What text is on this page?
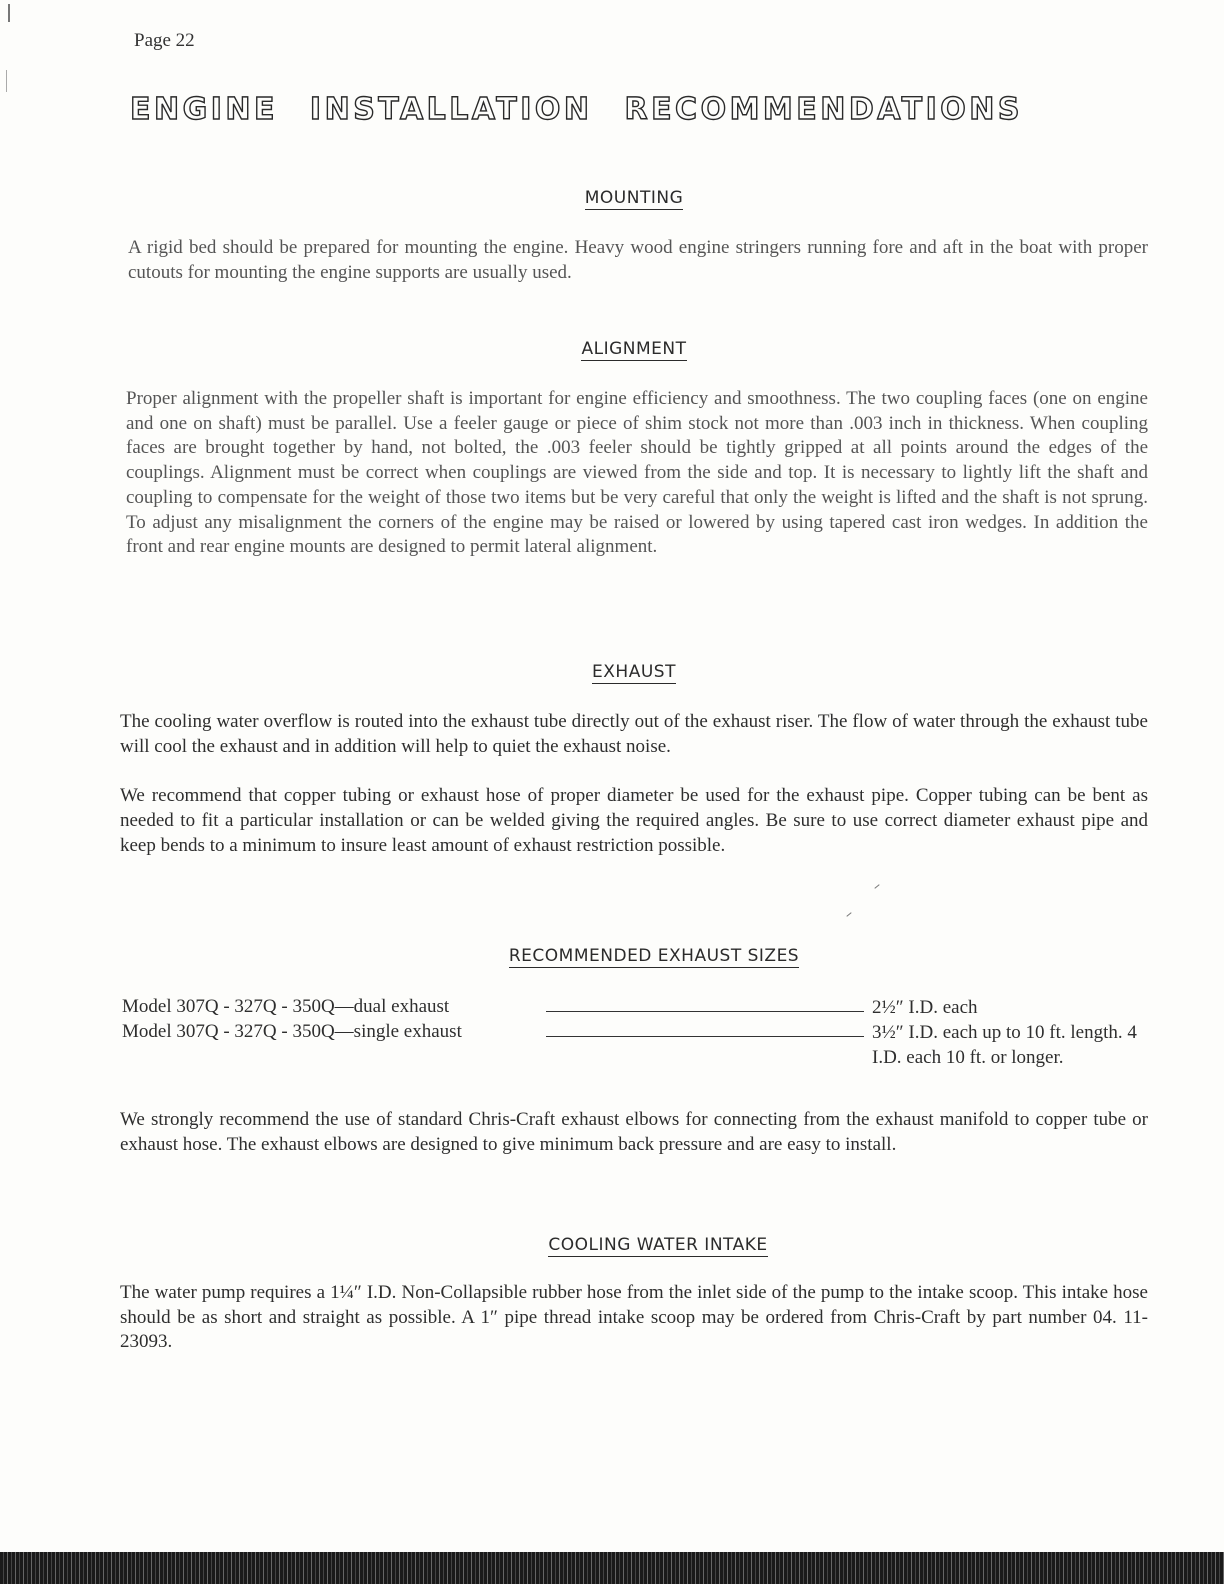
Page 22
ENGINE INSTALLATION RECOMMENDATIONS
MOUNTING

A rigid bed should be prepared for mounting the engine. Heavy wood engine stringers running fore and aft in the boat with proper cutouts for mounting the engine supports are usually used.

ALIGNMENT

Proper alignment with the propeller shaft is important for engine efficiency and smoothness. The two coupling faces (one on engine and one on shaft) must be parallel. Use a feeler gauge or piece of shim stock not more than .003 inch in thickness. When coupling faces are brought together by hand, not bolted, the .003 feeler should be tightly gripped at all points around the edges of the couplings. Alignment must be correct when couplings are viewed from the side and top. It is necessary to lightly lift the shaft and coupling to compensate for the weight of those two items but be very careful that only the weight is lifted and the shaft is not sprung. To adjust any misalignment the corners of the engine may be raised or lowered by using tapered cast iron wedges. In addition the front and rear engine mounts are designed to permit lateral alignment.

EXHAUST

The cooling water overflow is routed into the exhaust tube directly out of the exhaust riser. The flow of water through the exhaust tube will cool the exhaust and in addition will help to quiet the exhaust noise.

We recommend that copper tubing or exhaust hose of proper diameter be used for the exhaust pipe. Copper tubing can be bent as needed to fit a particular installation or can be welded giving the required angles. Be sure to use correct diameter exhaust pipe and keep bends to a minimum to insure least amount of exhaust restriction possible.

RECOMMENDED EXHAUST SIZES
Model 307Q - 327Q - 350Q—dual exhaust	2½″ I.D. each
Model 307Q - 327Q - 350Q—single exhaust	3½″ I.D. each up to 10 ft. length. 4 I.D. each 10 ft. or longer.

We strongly recommend the use of standard Chris-Craft exhaust elbows for connecting from the exhaust manifold to copper tube or exhaust hose. The exhaust elbows are designed to give minimum back pressure and are easy to install.

COOLING WATER INTAKE

The water pump requires a 1¼″ I.D. Non-Collapsible rubber hose from the inlet side of the pump to the intake scoop. This intake hose should be as short and straight as possible. A 1″ pipe thread intake scoop may be ordered from Chris-Craft by part number 04. 11-23093.
